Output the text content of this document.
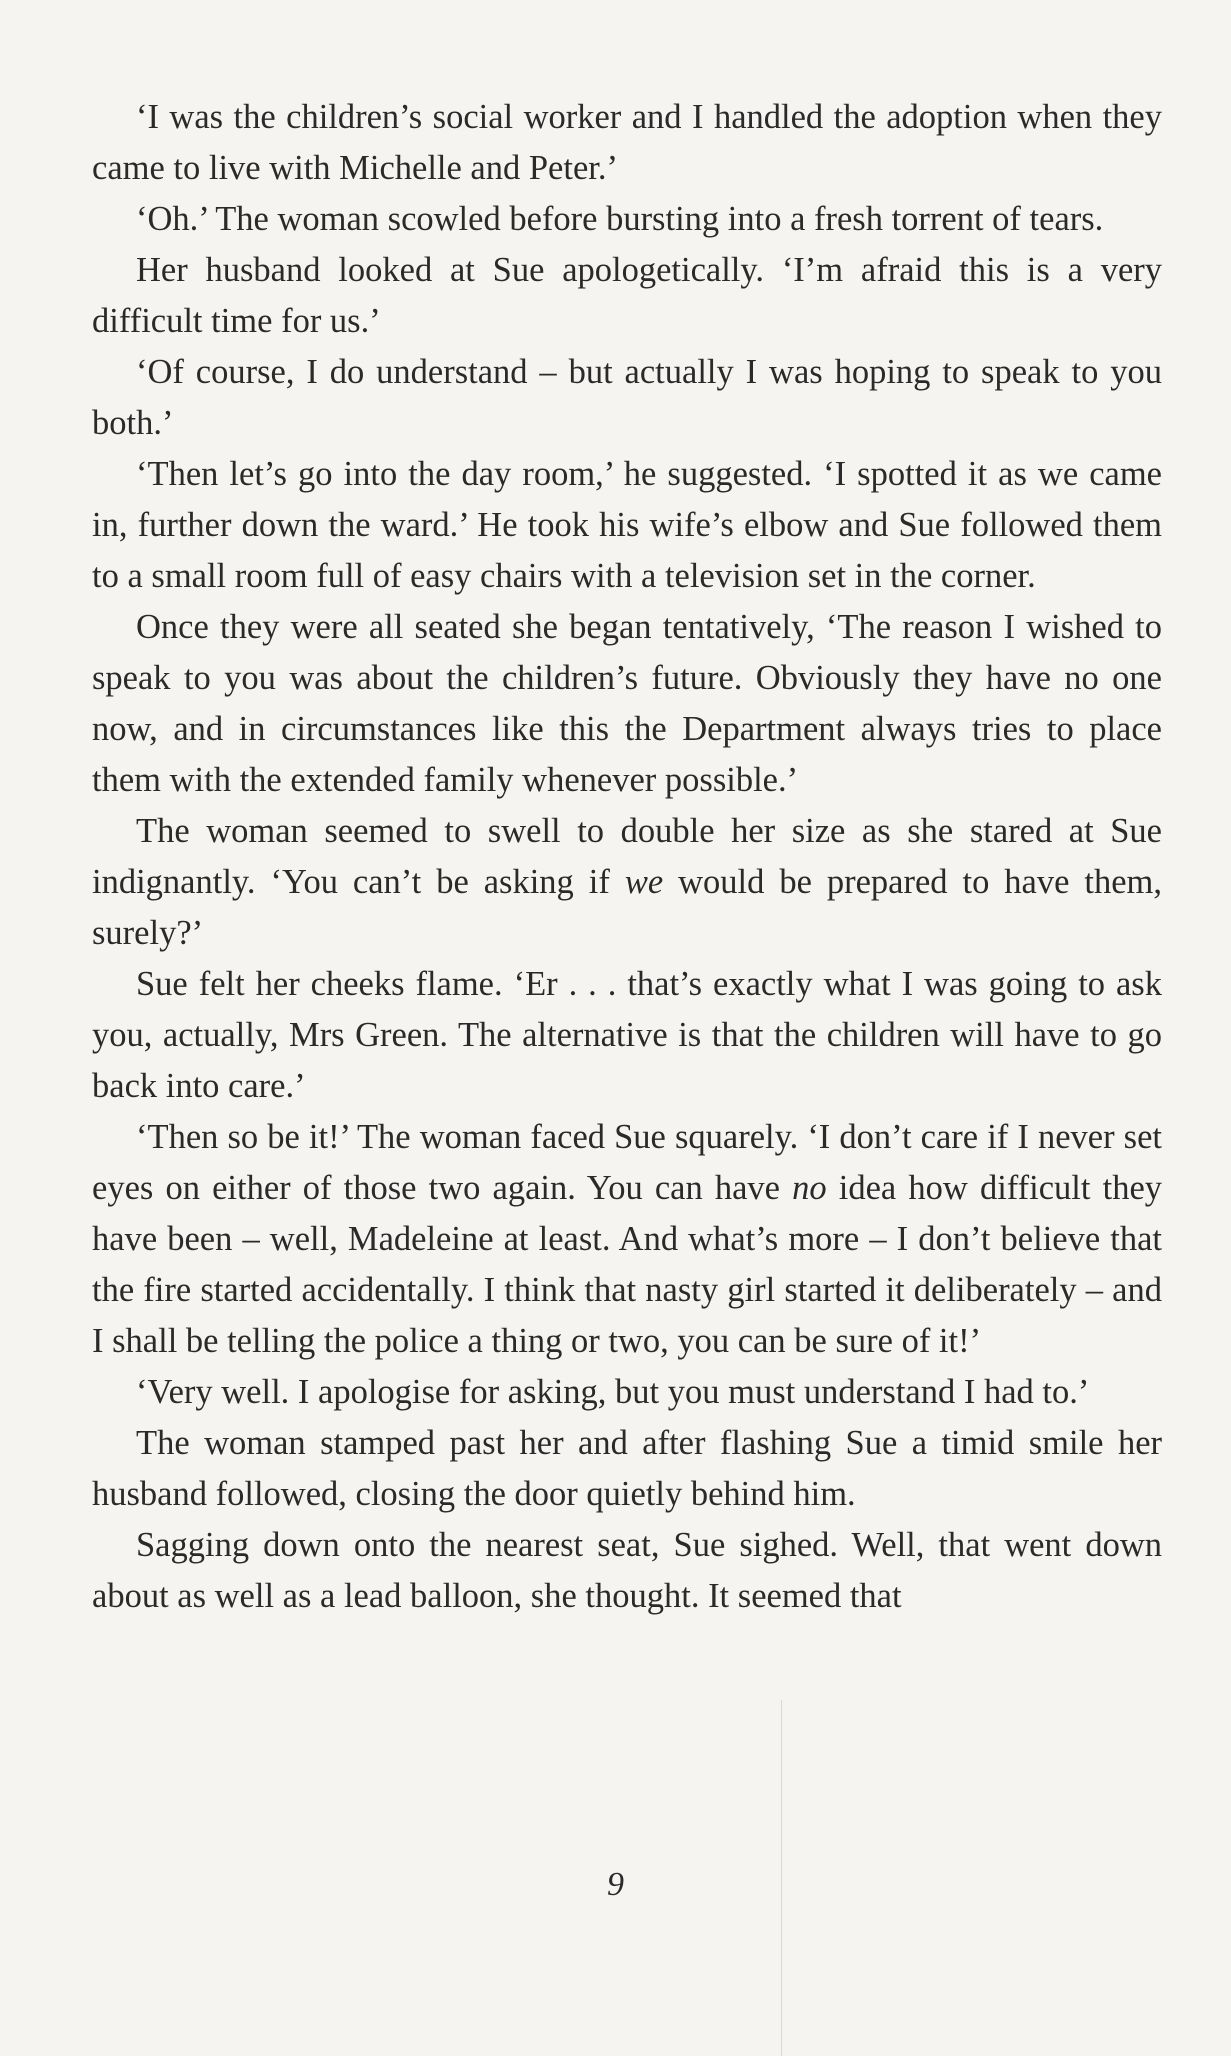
‘I was the children’s social worker and I handled the adoption when they came to live with Michelle and Peter.’

‘Oh.’ The woman scowled before bursting into a fresh torrent of tears.

Her husband looked at Sue apologetically. ‘I’m afraid this is a very difficult time for us.’

‘Of course, I do understand – but actually I was hoping to speak to you both.’

‘Then let’s go into the day room,’ he suggested. ‘I spotted it as we came in, further down the ward.’ He took his wife’s elbow and Sue followed them to a small room full of easy chairs with a television set in the corner.

Once they were all seated she began tentatively, ‘The reason I wished to speak to you was about the children’s future. Obviously they have no one now, and in circumstances like this the Department always tries to place them with the extended family whenever possible.’

The woman seemed to swell to double her size as she stared at Sue indignantly. ‘You can’t be asking if we would be prepared to have them, surely?’

Sue felt her cheeks flame. ‘Er . . . that’s exactly what I was going to ask you, actually, Mrs Green. The alternative is that the children will have to go back into care.’

‘Then so be it!’ The woman faced Sue squarely. ‘I don’t care if I never set eyes on either of those two again. You can have no idea how difficult they have been – well, Madeleine at least. And what’s more – I don’t believe that the fire started accidentally. I think that nasty girl started it deliberately – and I shall be telling the police a thing or two, you can be sure of it!’

‘Very well. I apologise for asking, but you must understand I had to.’

The woman stamped past her and after flashing Sue a timid smile her husband followed, closing the door quietly behind him.

Sagging down onto the nearest seat, Sue sighed. Well, that went down about as well as a lead balloon, she thought. It seemed that

9
